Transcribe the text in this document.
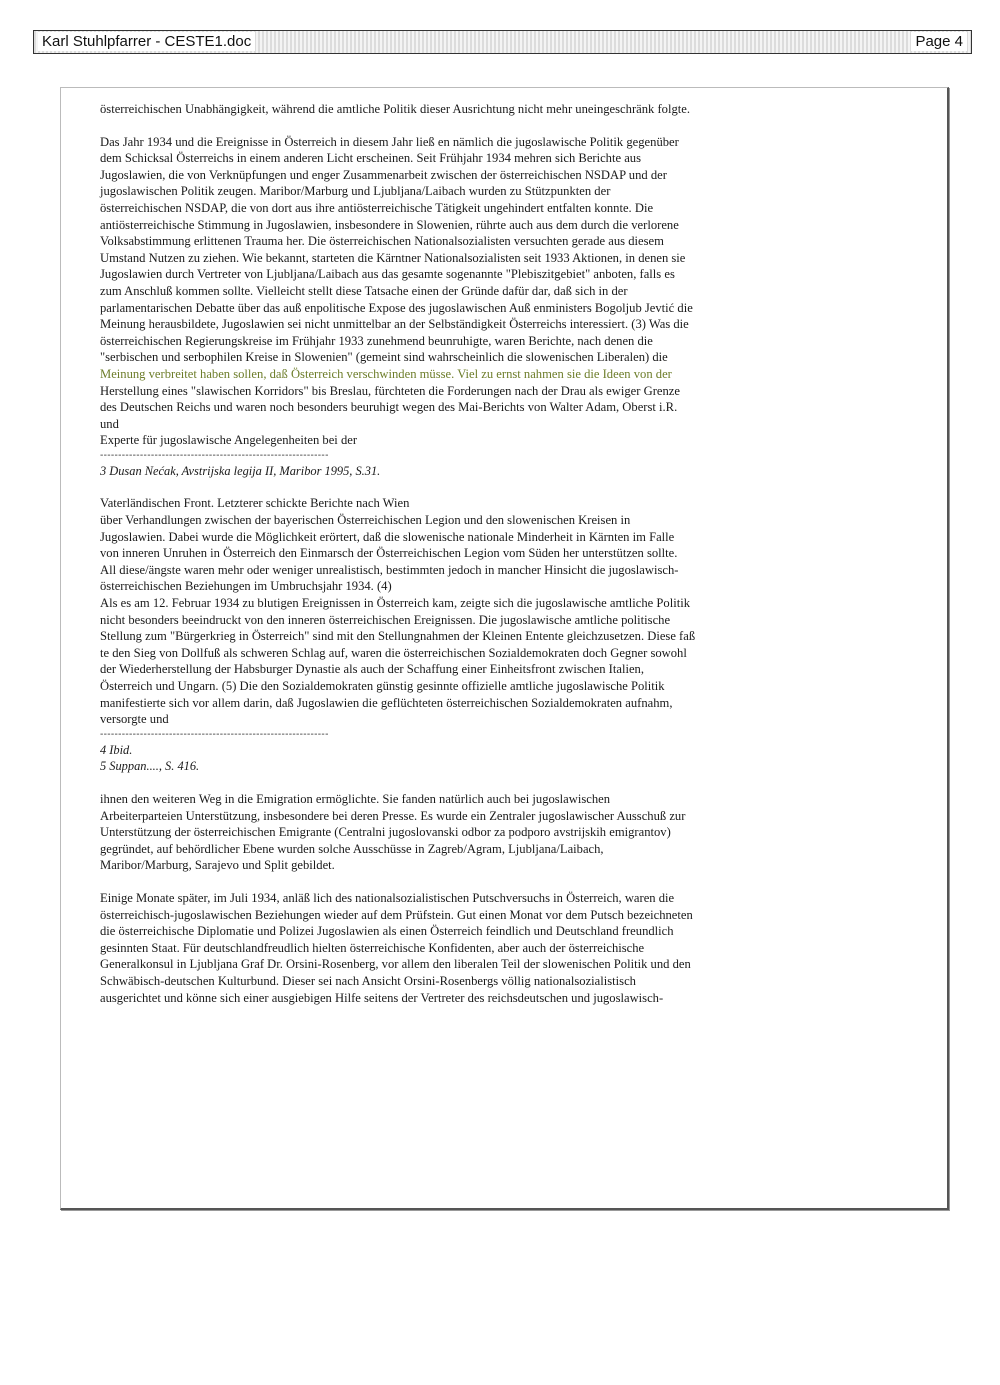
Karl Stuhlpfarrer - CESTE1.doc	Page 4

österreichischen Unabhängigkeit, während die amtliche Politik dieser Ausrichtung nicht mehr uneingeschränk folgte.

Das Jahr 1934 und die Ereignisse in Österreich in diesem Jahr ließ en nämlich die jugoslawische Politik gegenüber

dem Schicksal Österreichs in einem anderen Licht erscheinen. Seit Frühjahr 1934 mehren sich Berichte aus

Jugoslawien, die von Verknüpfungen und enger Zusammenarbeit zwischen der österreichischen NSDAP und der

jugoslawischen Politik zeugen. Maribor/Marburg und Ljubljana/Laibach wurden zu Stützpunkten der

österreichischen NSDAP, die von dort aus ihre antiösterreichische Tätigkeit ungehindert entfalten konnte. Die

antiösterreichische Stimmung in Jugoslawien, insbesondere in Slowenien, rührte auch aus dem durch die verlorene

Volksabstimmung erlittenen Trauma her. Die österreichischen Nationalsozialisten versuchten gerade aus diesem

Umstand Nutzen zu ziehen. Wie bekannt, starteten die Kärntner Nationalsozialisten seit 1933 Aktionen, in denen sie

Jugoslawien durch Vertreter von Ljubljana/Laibach aus das gesamte sogenannte "Plebiszitgebiet" anboten, falls es

zum Anschluß kommen sollte. Vielleicht stellt diese Tatsache einen der Gründe dafür dar, daß sich in der

parlamentarischen Debatte über das auß enpolitische Expose des jugoslawischen Auß enministers Bogoljub Jevtić die

Meinung herausbildete, Jugoslawien sei nicht unmittelbar an der Selbständigkeit Österreichs interessiert. (3) Was die

österreichischen Regierungskreise im Frühjahr 1933 zunehmend beunruhigte, waren Berichte, nach denen die

"serbischen und serbophilen Kreise in Slowenien" (gemeint sind wahrscheinlich die slowenischen Liberalen) die

Meinung verbreitet haben sollen, daß Österreich verschwinden müsse. Viel zu ernst nahmen sie die Ideen von der

Herstellung eines "slawischen Korridors" bis Breslau, fürchteten die Forderungen nach der Drau als ewiger Grenze

des Deutschen Reichs und waren noch besonders beuruhigt wegen des Mai-Berichts von Walter Adam, Oberst i.R.

und

Experte für jugoslawische Angelegenheiten bei der

---------------------------------------------------------------

3 Dusan Nećak, Avstrijska legija II, Maribor 1995, S.31.

Vaterländischen Front. Letzterer schickte Berichte nach Wien

über Verhandlungen zwischen der bayerischen Österreichischen Legion und den slowenischen Kreisen in

Jugoslawien. Dabei wurde die Möglichkeit erörtert, daß die slowenische nationale Minderheit in Kärnten im Falle

von inneren Unruhen in Österreich den Einmarsch der Österreichischen Legion vom Süden her unterstützen sollte.

All diese/ängste waren mehr oder weniger unrealistisch, bestimmten jedoch in mancher Hinsicht die jugoslawisch-

österreichischen Beziehungen im Umbruchsjahr 1934. (4)

Als es am 12. Februar 1934 zu blutigen Ereignissen in Österreich kam, zeigte sich die jugoslawische amtliche Politik

nicht besonders beeindruckt von den inneren österreichischen Ereignissen. Die jugoslawische amtliche politische

Stellung zum "Bürgerkrieg in Österreich" sind mit den Stellungnahmen der Kleinen Entente gleichzusetzen. Diese faß

te den Sieg von Dollfuß als schweren Schlag auf, waren die österreichischen Sozialdemokraten doch Gegner sowohl

der Wiederherstellung der Habsburger Dynastie als auch der Schaffung einer Einheitsfront zwischen Italien,

Österreich und Ungarn. (5) Die den Sozialdemokraten günstig gesinnte offizielle amtliche jugoslawische Politik

manifestierte sich vor allem darin, daß Jugoslawien die geflüchteten österreichischen Sozialdemokraten aufnahm,

versorgte und

---------------------------------------------------------------

4 Ibid.

5 Suppan...., S. 416.

ihnen den weiteren Weg in die Emigration ermöglichte. Sie fanden natürlich auch bei jugoslawischen

Arbeiterparteien Unterstützung, insbesondere bei deren Presse. Es wurde ein Zentraler jugoslawischer Ausschuß zur

Unterstützung der österreichischen Emigrante (Centralni jugoslovanski odbor za podporo avstrijskih emigrantov)

gegründet, auf behördlicher Ebene wurden solche Ausschüsse in Zagreb/Agram, Ljubljana/Laibach,

Maribor/Marburg, Sarajevo und Split gebildet.

Einige Monate später, im Juli 1934, anläß lich des nationalsozialistischen Putschversuchs in Österreich, waren die

österreichisch-jugoslawischen Beziehungen wieder auf dem Prüfstein. Gut einen Monat vor dem Putsch bezeichneten

die österreichische Diplomatie und Polizei Jugoslawien als einen Österreich feindlich und Deutschland freundlich

gesinnten Staat. Für deutschlandfreudlich hielten österreichische Konfidenten, aber auch der österreichische

Generalkonsul in Ljubljana Graf Dr. Orsini-Rosenberg, vor allem den liberalen Teil der slowenischen Politik und den

Schwäbisch-deutschen Kulturbund. Dieser sei nach Ansicht Orsini-Rosenbergs völlig nationalsozialistisch

ausgerichtet und könne sich einer ausgiebigen Hilfe seitens der Vertreter des reichsdeutschen und jugoslawisch-
